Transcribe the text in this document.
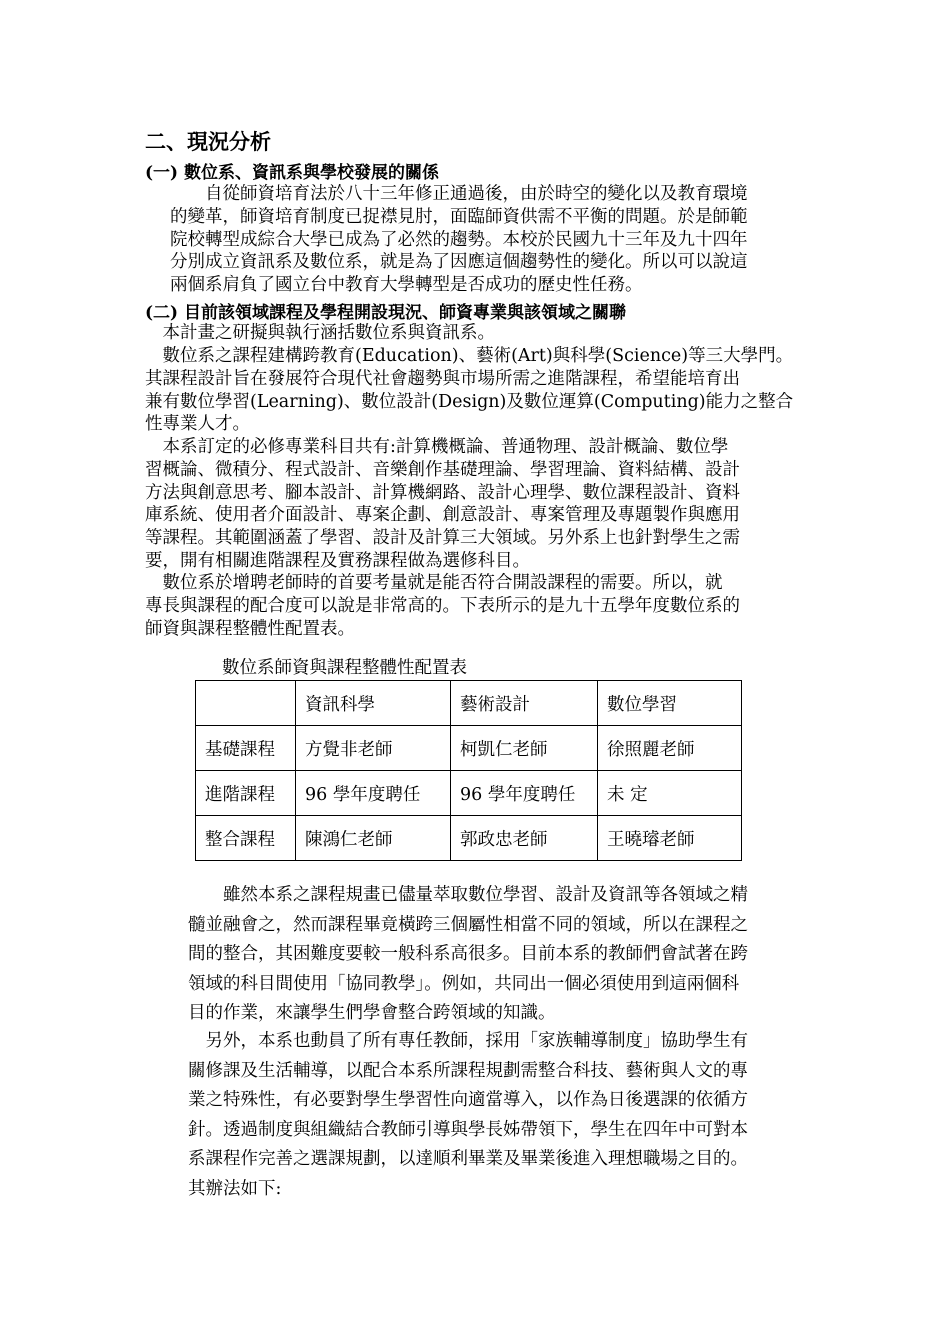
二、現況分析
(一) 數位系、資訊系與學校發展的關係

　　自從師資培育法於八十三年修正通過後，由於時空的變化以及教育環境
的變革，師資培育制度已捉襟見肘，面臨師資供需不平衡的問題。於是師範
院校轉型成綜合大學已成為了必然的趨勢。本校於民國九十三年及九十四年
分別成立資訊系及數位系，就是為了因應這個趨勢性的變化。所以可以說這
兩個系肩負了國立台中教育大學轉型是否成功的歷史性任務。

(二) 目前該領域課程及學程開設現況、師資專業與該領域之關聯

　本計畫之研擬與執行涵括數位系與資訊系。

　數位系之課程建構跨教育(Education)、藝術(Art)與科學(Science)等三大學門。
其課程設計旨在發展符合現代社會趨勢與市場所需之進階課程，希望能培育出
兼有數位學習(Learning)、數位設計(Design)及數位運算(Computing)能力之整合
性專業人才。

　本系訂定的必修專業科目共有:計算機概論、普通物理、設計概論、數位學
習概論、微積分、程式設計、音樂創作基礎理論、學習理論、資料結構、設計
方法與創意思考、腳本設計、計算機網路、設計心理學、數位課程設計、資料
庫系統、使用者介面設計、專案企劃、創意設計、專案管理及專題製作與應用
等課程。其範圍涵蓋了學習、設計及計算三大領域。另外系上也針對學生之需
要，開有相關進階課程及實務課程做為選修科目。

　數位系於增聘老師時的首要考量就是能否符合開設課程的需要。所以，就
專長與課程的配合度可以說是非常高的。下表所示的是九十五學年度數位系的
師資與課程整體性配置表。

數位系師資與課程整體性配置表

	資訊科學	藝術設計	數位學習
基礎課程	方覺非老師	柯凱仁老師	徐照麗老師
進階課程	96 學年度聘任	96 學年度聘任	未 定
整合課程	陳鴻仁老師	郭政忠老師	王曉璿老師

　　雖然本系之課程規畫已儘量萃取數位學習、設計及資訊等各領域之精
髓並融會之，然而課程畢竟橫跨三個屬性相當不同的領域，所以在課程之
間的整合，其困難度要較一般科系高很多。目前本系的教師們會試著在跨
領域的科目間使用「協同教學」。例如，共同出一個必須使用到這兩個科
目的作業，來讓學生們學會整合跨領域的知識。

　另外，本系也動員了所有專任教師，採用「家族輔導制度」協助學生有
關修課及生活輔導，以配合本系所課程規劃需整合科技、藝術與人文的專
業之特殊性，有必要對學生學習性向適當導入，以作為日後選課的依循方
針。透過制度與組織結合教師引導與學長姊帶領下，學生在四年中可對本
系課程作完善之選課規劃，以達順利畢業及畢業後進入理想職場之目的。
其辦法如下:
